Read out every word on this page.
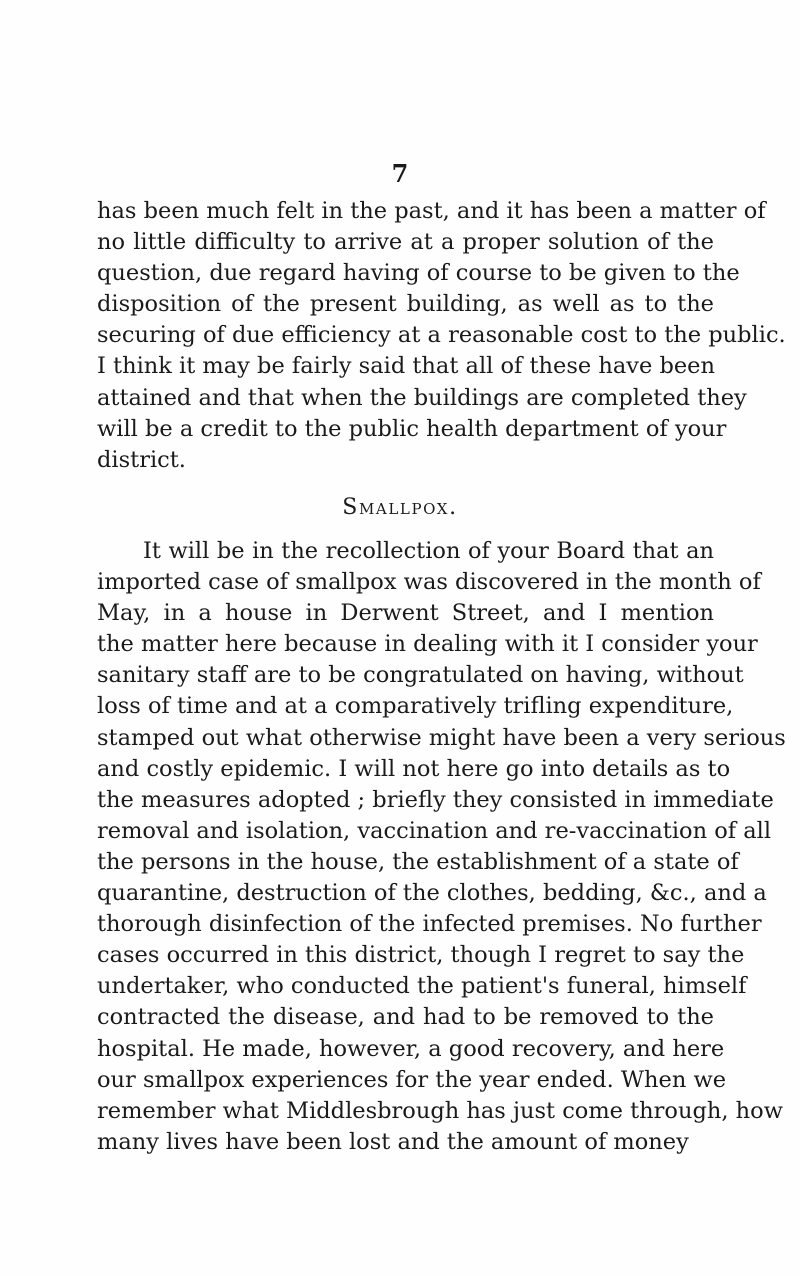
7
has been much felt in the past, and it has been a matter of
no little difficulty to arrive at a proper solution of the
question, due regard having of course to be given to the
disposition of the present building, as well as to the
securing of due efficiency at a reasonable cost to the public.
I think it may be fairly said that all of these have been
attained and that when the buildings are completed they
will be a credit to the public health department of your
district.
Smallpox.
It will be in the recollection of your Board that an
imported case of smallpox was discovered in the month of
May, in a house in Derwent Street, and I mention
the matter here because in dealing with it I consider your
sanitary staff are to be congratulated on having, without
loss of time and at a comparatively trifling expenditure,
stamped out what otherwise might have been a very serious
and costly epidemic. I will not here go into details as to
the measures adopted ; briefly they consisted in immediate
removal and isolation, vaccination and re-vaccination of all
the persons in the house, the establishment of a state of
quarantine, destruction of the clothes, bedding, &c., and a
thorough disinfection of the infected premises. No further
cases occurred in this district, though I regret to say the
undertaker, who conducted the patient's funeral, himself
contracted the disease, and had to be removed to the
hospital. He made, however, a good recovery, and here
our smallpox experiences for the year ended. When we
remember what Middlesbrough has just come through, how
many lives have been lost and the amount of money
